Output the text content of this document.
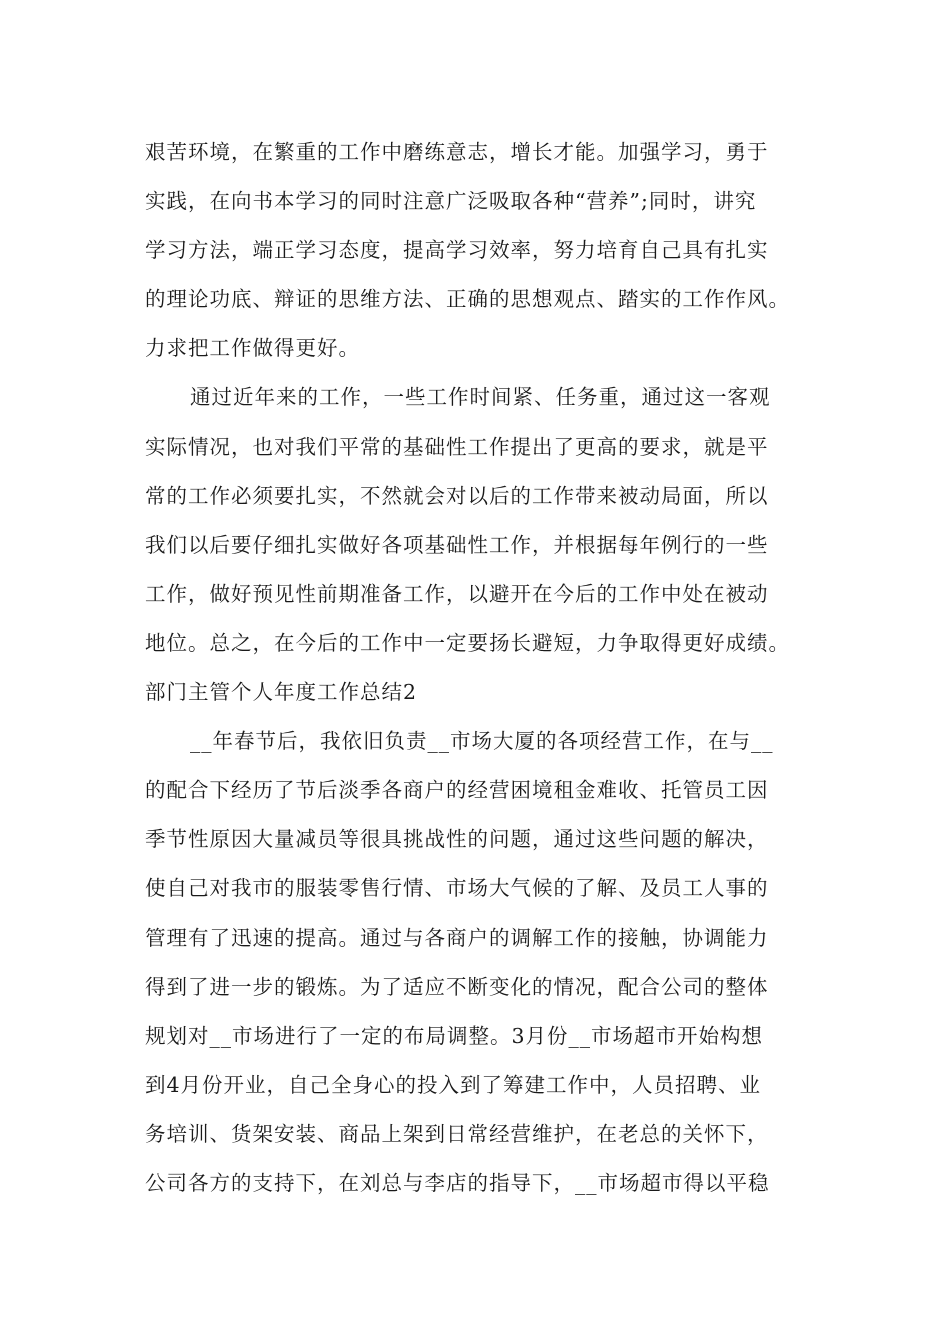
艰苦环境，在繁重的工作中磨练意志，增长才能。加强学习，勇于
实践，在向书本学习的同时注意广泛吸取各种“营养”;同时，讲究
学习方法，端正学习态度，提高学习效率，努力培育自己具有扎实
的理论功底、辩证的思维方法、正确的思想观点、踏实的工作作风。
力求把工作做得更好。
通过近年来的工作，一些工作时间紧、任务重，通过这一客观
实际情况，也对我们平常的基础性工作提出了更高的要求，就是平
常的工作必须要扎实，不然就会对以后的工作带来被动局面，所以
我们以后要仔细扎实做好各项基础性工作，并根据每年例行的一些
工作，做好预见性前期准备工作，以避开在今后的工作中处在被动
地位。总之，在今后的工作中一定要扬长避短，力争取得更好成绩。
部门主管个人年度工作总结2
__年春节后，我依旧负责__市场大厦的各项经营工作，在与__
的配合下经历了节后淡季各商户的经营困境租金难收、托管员工因
季节性原因大量减员等很具挑战性的问题，通过这些问题的解决，
使自己对我市的服装零售行情、市场大气候的了解、及员工人事的
管理有了迅速的提高。通过与各商户的调解工作的接触，协调能力
得到了进一步的锻炼。为了适应不断变化的情况，配合公司的整体
规划对__市场进行了一定的布局调整。3月份__市场超市开始构想
到4月份开业，自己全身心的投入到了筹建工作中，人员招聘、业
务培训、货架安装、商品上架到日常经营维护，在老总的关怀下，
公司各方的支持下，在刘总与李店的指导下，__市场超市得以平稳
